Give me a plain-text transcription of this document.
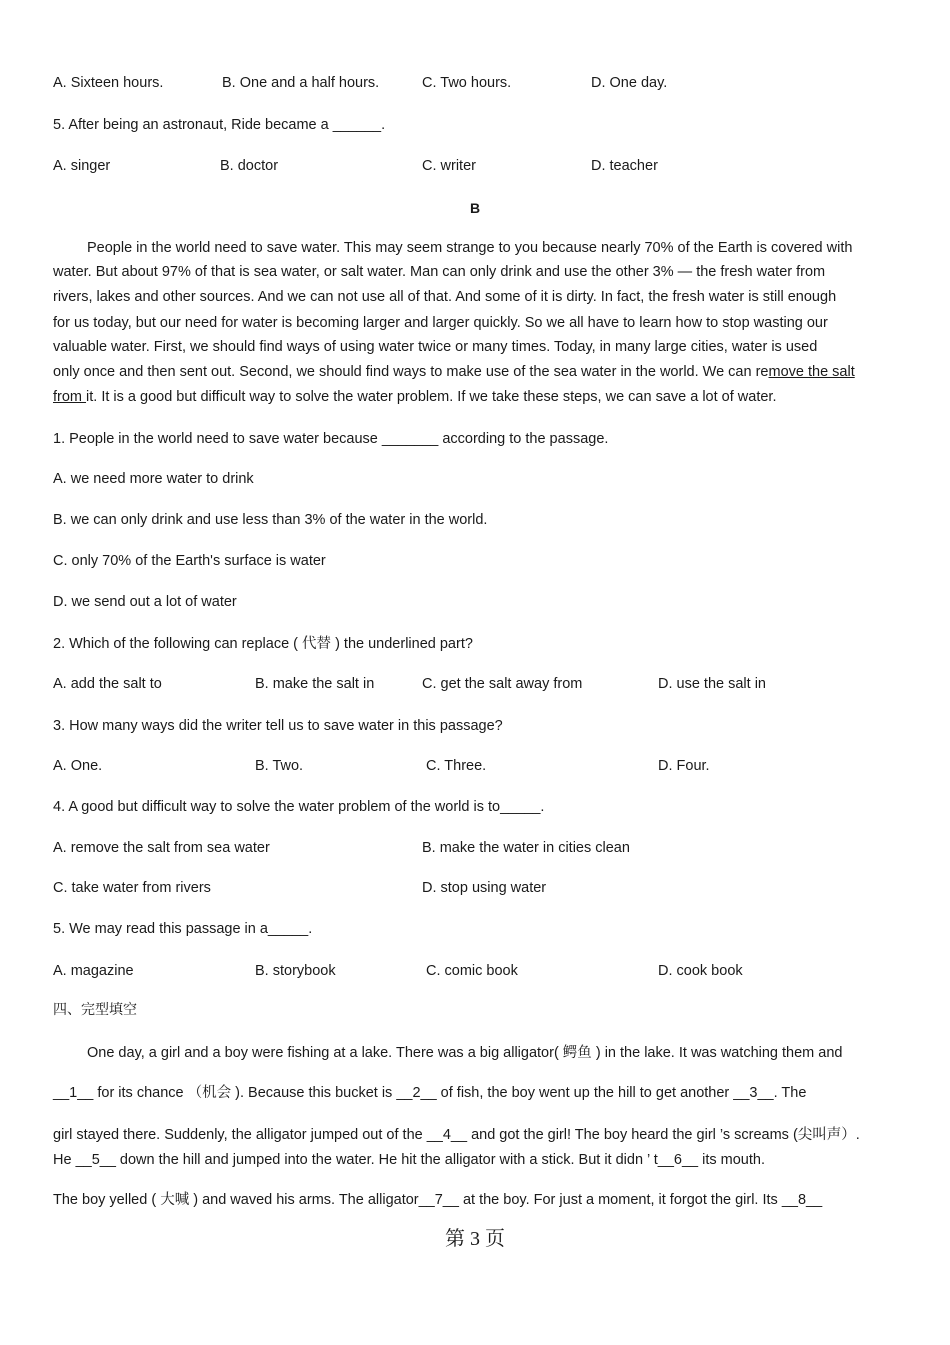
A. Sixteen hours.	B. One and a half hours.	C. Two hours.	D. One day.
5. After being an astronaut, Ride became a ______.
A. singer	B. doctor	C. writer	D. teacher
B
People in the world need to save water. This may seem strange to you because nearly 70% of the Earth is covered with
water. But about 97% of that is sea water, or salt water. Man can only drink and use the other 3% — the fresh water from
rivers, lakes and other sources. And we can not use all of that. And some of it is dirty. In fact, the fresh water is still enough
for us today, but our need for water is becoming larger and larger quickly. So we all have to learn how to stop wasting our
valuable water. First, we should find ways of using water twice or many times. Today, in many large cities, water is used
only once and then sent out. Second, we should find ways to make use of the sea water in the world. We can remove the salt
from it. It is a good but difficult way to solve the water problem. If we take these steps, we can save a lot of water.
1. People in the world need to save water because _______ according to the passage.
A. we need more water to drink
B. we can only drink and use less than 3% of the water in the world.
C. only 70% of the Earth's surface is water
D. we send out a lot of water
2. Which of the following can replace ( 代替 ) the underlined part?
A. add the salt to	B. make the salt in	C. get the salt away from	D. use the salt in
3. How many ways did the writer tell us to save water in this passage?
A. One.	B. Two.	C. Three.	D. Four.
4. A good but difficult way to solve the water problem of the world is to_____.
A. remove the salt from sea water	B. make the water in cities clean
C. take water from rivers	D. stop using water
5. We may read this passage in a_____.
A. magazine	B. storybook	C. comic book	D. cook book
四、完型填空
One day, a girl and a boy were fishing at a lake. There was a big alligator( 鳄鱼 ) in the lake. It was watching them and
__1__ for its chance （机会 ). Because this bucket is __2__ of fish, the boy went up the hill to get another __3__. The
girl stayed there. Suddenly, the alligator jumped out of the __4__ and got the girl! The boy heard the girl ’s screams (尖叫声）.
He __5__ down the hill and jumped into the water. He hit the alligator with a stick. But it didn ’ t__6__ its mouth.
The boy yelled ( 大喊 ) and waved his arms. The alligator__7__ at the boy. For just a moment, it forgot the girl. Its __8__
第 3 页
